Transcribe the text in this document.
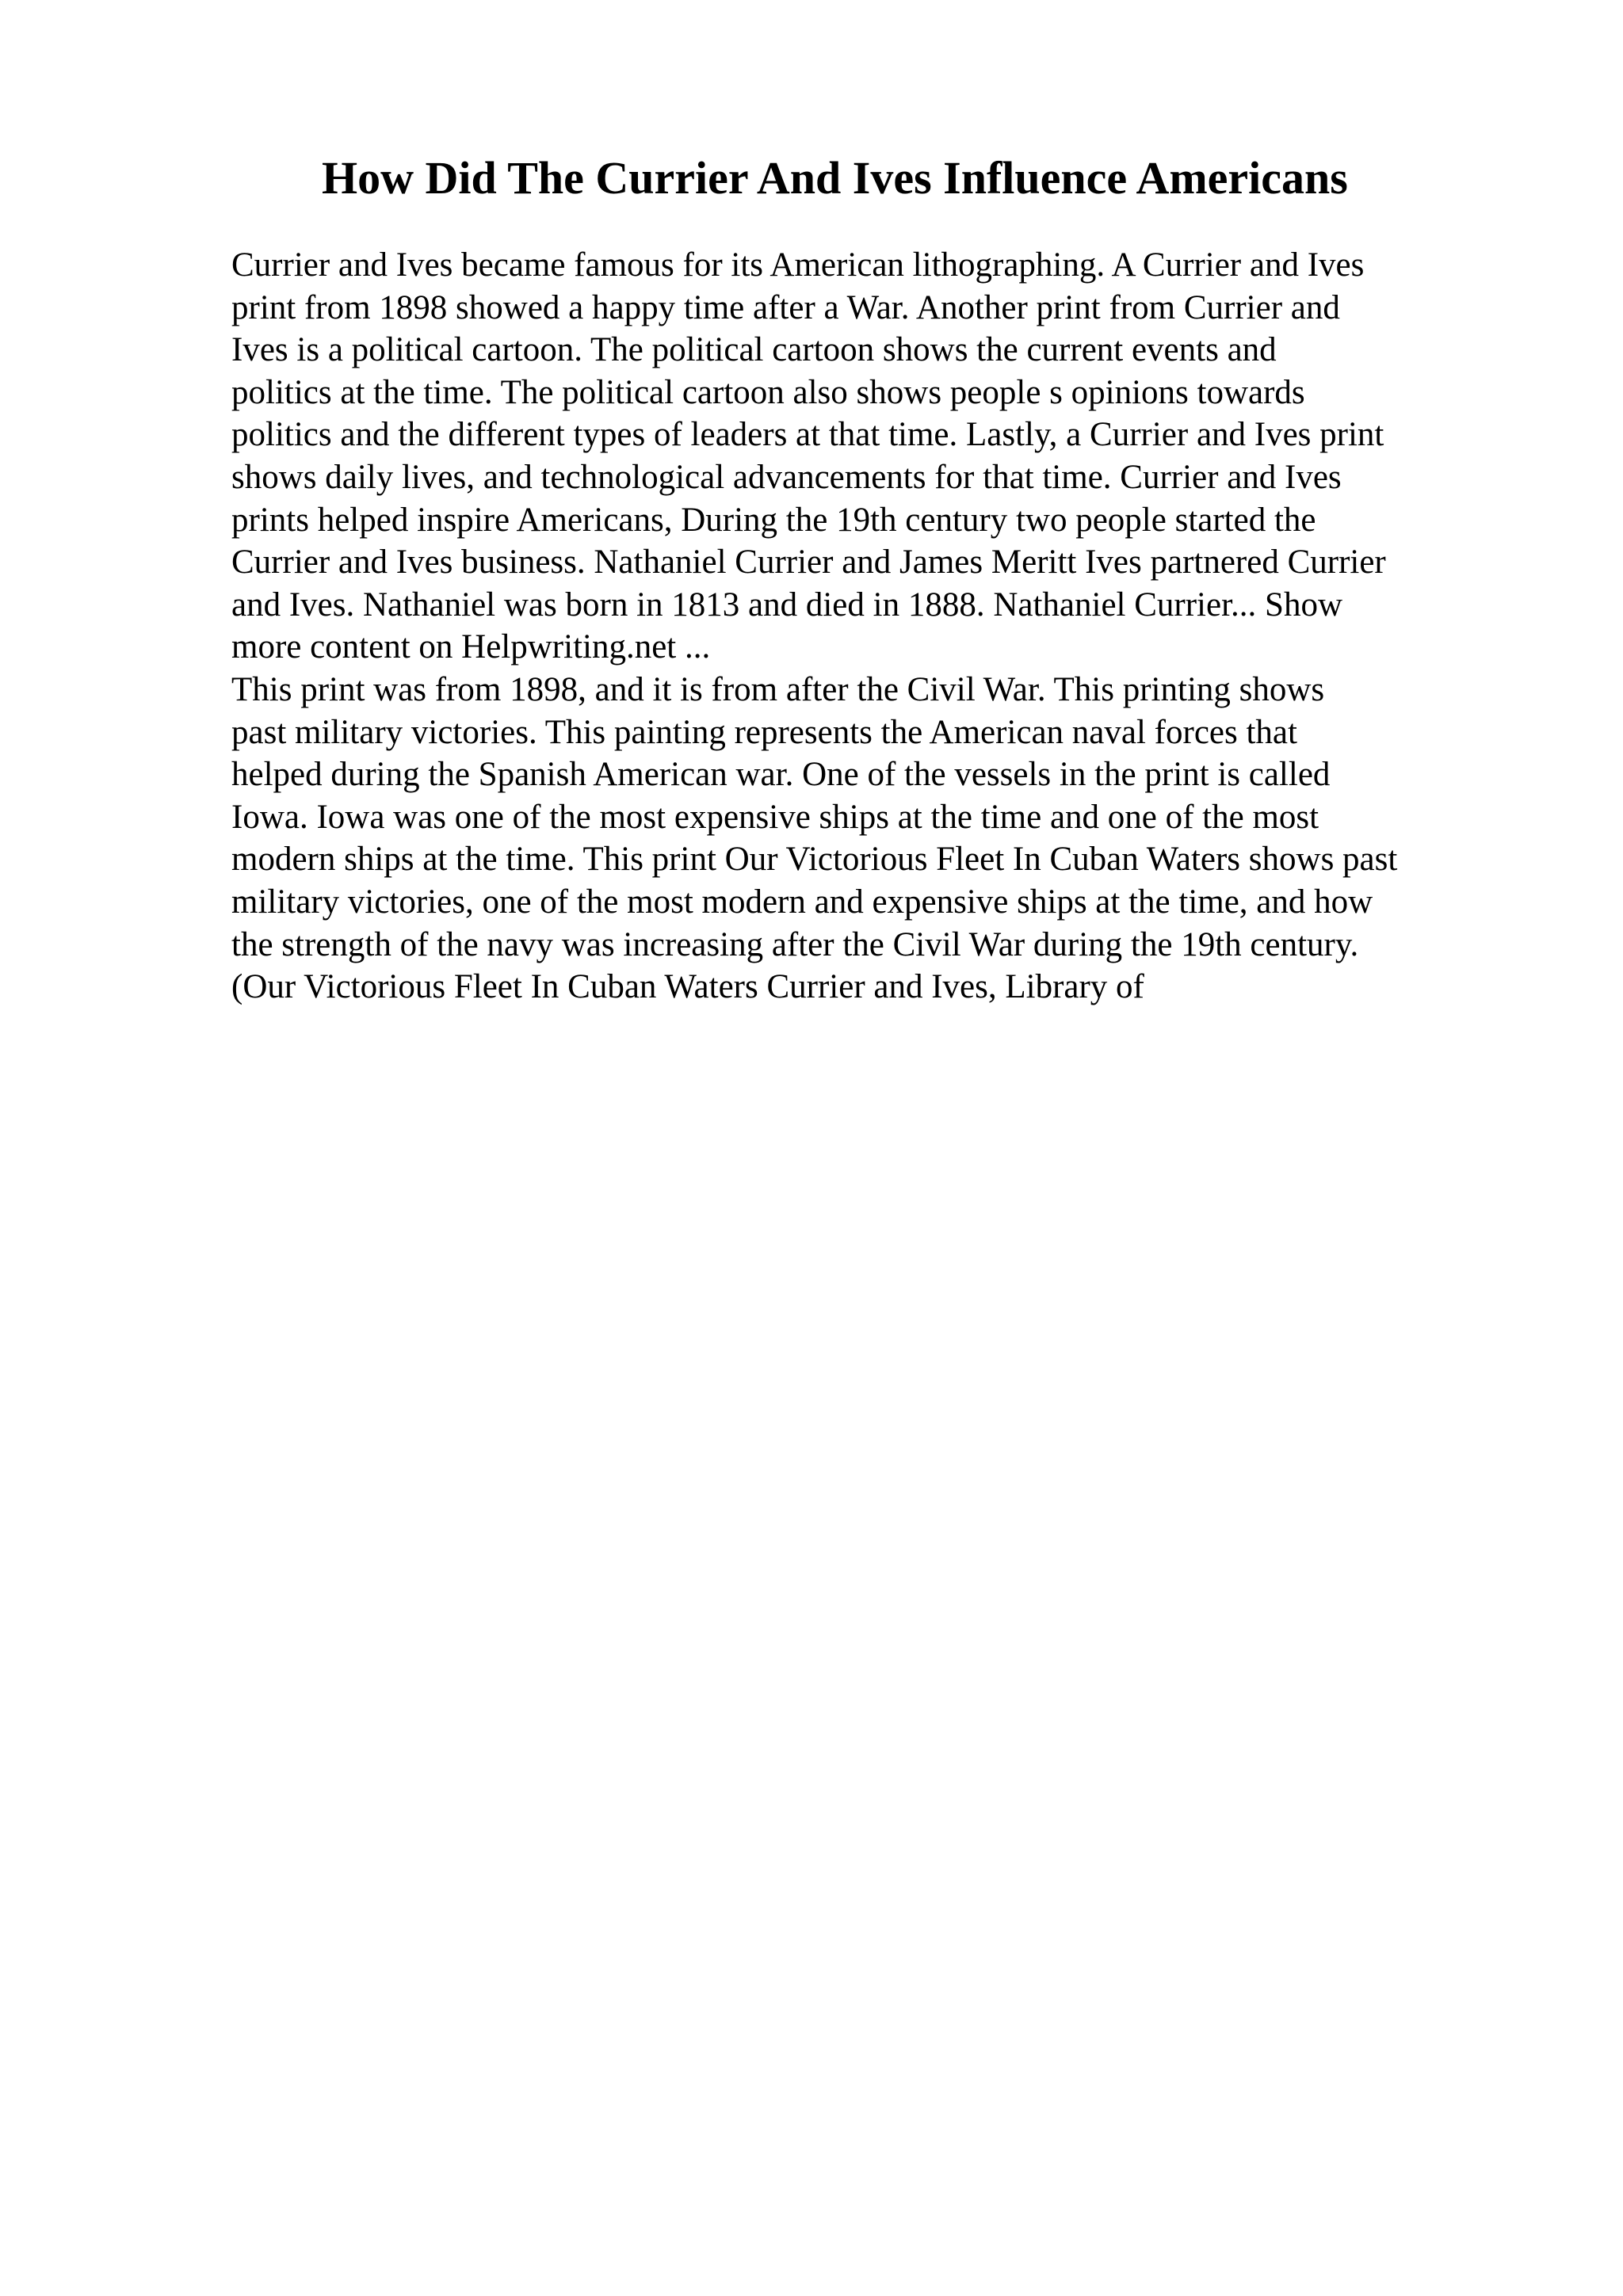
How Did The Currier And Ives Influence Americans
Currier and Ives became famous for its American lithographing. A Currier and Ives
print from 1898 showed a happy time after a War. Another print from Currier and
Ives is a political cartoon. The political cartoon shows the current events and
politics at the time. The political cartoon also shows people s opinions towards
politics and the different types of leaders at that time. Lastly, a Currier and Ives print
shows daily lives, and technological advancements for that time. Currier and Ives
prints helped inspire Americans, During the 19th century two people started the
Currier and Ives business. Nathaniel Currier and James Meritt Ives partnered Currier
and Ives. Nathaniel was born in 1813 and died in 1888. Nathaniel Currier... Show
more content on Helpwriting.net ...
This print was from 1898, and it is from after the Civil War. This printing shows
past military victories. This painting represents the American naval forces that
helped during the Spanish American war. One of the vessels in the print is called
Iowa. Iowa was one of the most expensive ships at the time and one of the most
modern ships at the time. This print Our Victorious Fleet In Cuban Waters shows past
military victories, one of the most modern and expensive ships at the time, and how
the strength of the navy was increasing after the Civil War during the 19th century.
(Our Victorious Fleet In Cuban Waters Currier and Ives, Library of
